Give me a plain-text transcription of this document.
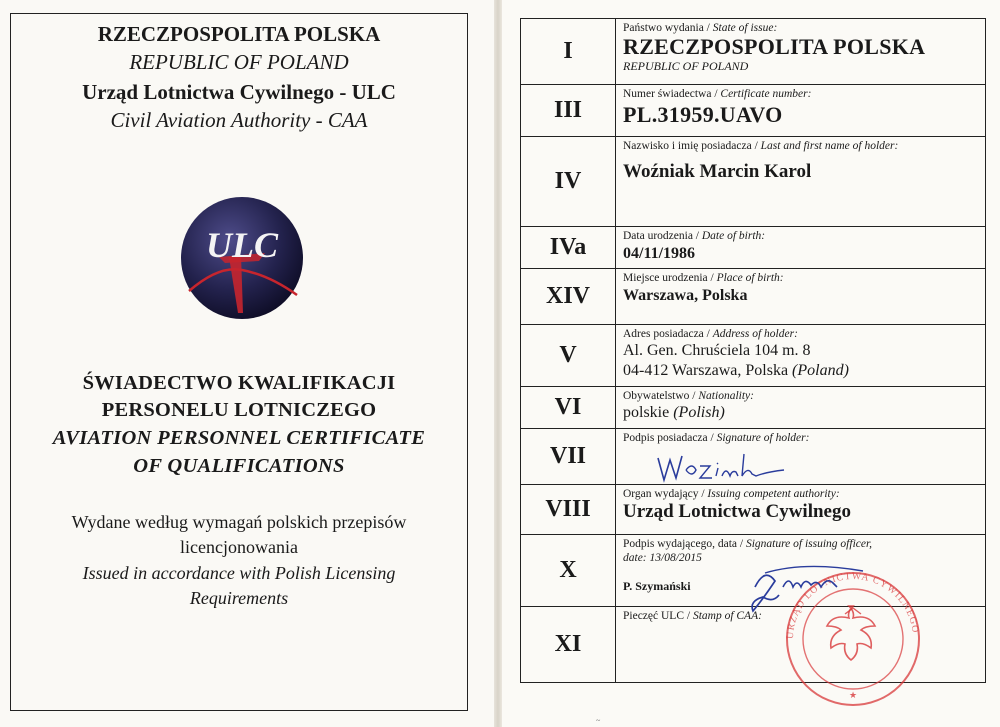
RZECZPOSPOLITA POLSKA
REPUBLIC OF POLAND
Urząd Lotnictwa Cywilnego - ULC
Civil Aviation Authority - CAA
ULC
ŚWIADECTWO KWALIFIKACJI
PERSONELU LOTNICZEGO
AVIATION PERSONNEL CERTIFICATE
OF QUALIFICATIONS
Wydane według wymagań polskich przepisów
licencjonowania
Issued in accordance with Polish Licensing
Requirements
I	Państwo wydania / State of issue:
RZECZPOSPOLITA POLSKA
REPUBLIC OF POLAND

III	Numer świadectwa / Certificate number:
PL.31959.UAVO

IV	Nazwisko i imię posiadacza / Last and first name of holder:
Woźniak Marcin Karol

IVa	Data urodzenia / Date of birth:
04/11/1986

XIV	Miejsce urodzenia / Place of birth:
Warszawa, Polska

V	Adres posiadacza / Address of holder:
Al. Gen. Chruściela 104 m. 8
04-412 Warszawa, Polska (Poland)

VI	Obywatelstwo / Nationality:
polskie (Polish)

VII	Podpis posiadacza / Signature of holder:

VIII	Organ wydający / Issuing competent authority:
Urząd Lotnictwa Cywilnego

X	Podpis wydającego, data / Signature of issuing officer,
date: 13/08/2015
P. Szymański

XI	Pieczęć ULC / Stamp of CAA:
★
URZĄD LOTNICTWA CYWILNEGO
~
